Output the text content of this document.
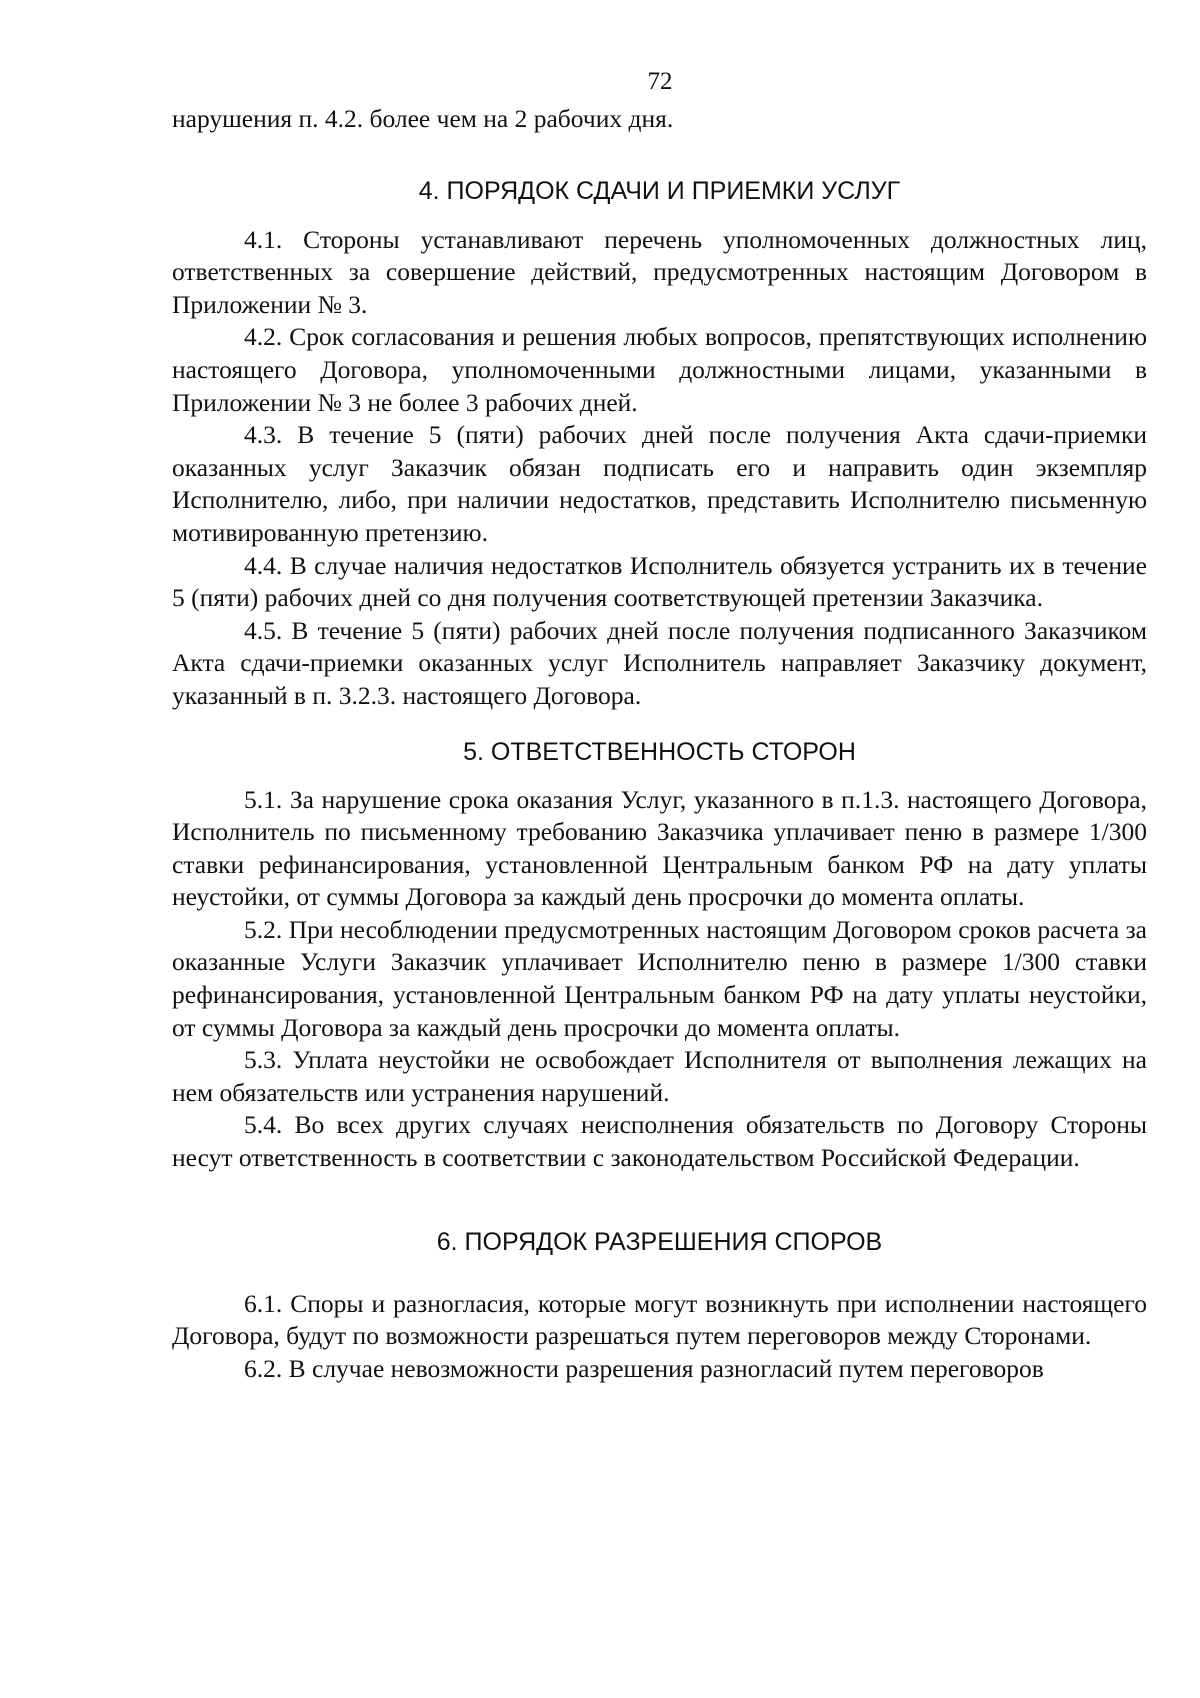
72

нарушения п. 4.2. более чем на 2 рабочих дня.

4. ПОРЯДОК СДАЧИ И ПРИЕМКИ УСЛУГ

4.1. Стороны устанавливают перечень уполномоченных должностных лиц, ответственных за совершение действий, предусмотренных настоящим Договором в Приложении № 3.

4.2. Срок согласования и решения любых вопросов, препятствующих исполнению настоящего Договора, уполномоченными должностными лицами, указанными в Приложении № 3 не более 3 рабочих дней.

4.3. В течение 5 (пяти) рабочих дней после получения Акта сдачи-приемки оказанных услуг Заказчик обязан подписать его и направить один экземпляр Исполнителю, либо, при наличии недостатков, представить Исполнителю письменную мотивированную претензию.

4.4. В случае наличия недостатков Исполнитель обязуется устранить их в течение 5 (пяти) рабочих дней со дня получения соответствующей претензии Заказчика.

4.5. В течение 5 (пяти) рабочих дней после получения подписанного Заказчиком Акта сдачи-приемки оказанных услуг Исполнитель направляет Заказчику документ, указанный в п. 3.2.3. настоящего Договора.

5. ОТВЕТСТВЕННОСТЬ СТОРОН

5.1. За нарушение срока оказания Услуг, указанного в п.1.3. настоящего Договора, Исполнитель по письменному требованию Заказчика уплачивает пеню в размере 1/300 ставки рефинансирования, установленной Центральным банком РФ на дату уплаты неустойки, от суммы Договора за каждый день просрочки до момента оплаты.

5.2. При несоблюдении предусмотренных настоящим Договором сроков расчета за оказанные Услуги Заказчик уплачивает Исполнителю пеню в размере 1/300 ставки рефинансирования, установленной Центральным банком РФ на дату уплаты неустойки, от суммы Договора за каждый день просрочки до момента оплаты.

5.3. Уплата неустойки не освобождает Исполнителя от выполнения лежащих на нем обязательств или устранения нарушений.

5.4. Во всех других случаях неисполнения обязательств по Договору Стороны несут ответственность в соответствии с законодательством Российской Федерации.

6. ПОРЯДОК РАЗРЕШЕНИЯ СПОРОВ

6.1. Споры и разногласия, которые могут возникнуть при исполнении настоящего Договора, будут по возможности разрешаться путем переговоров между Сторонами.

6.2. В случае невозможности разрешения разногласий путем переговоров
